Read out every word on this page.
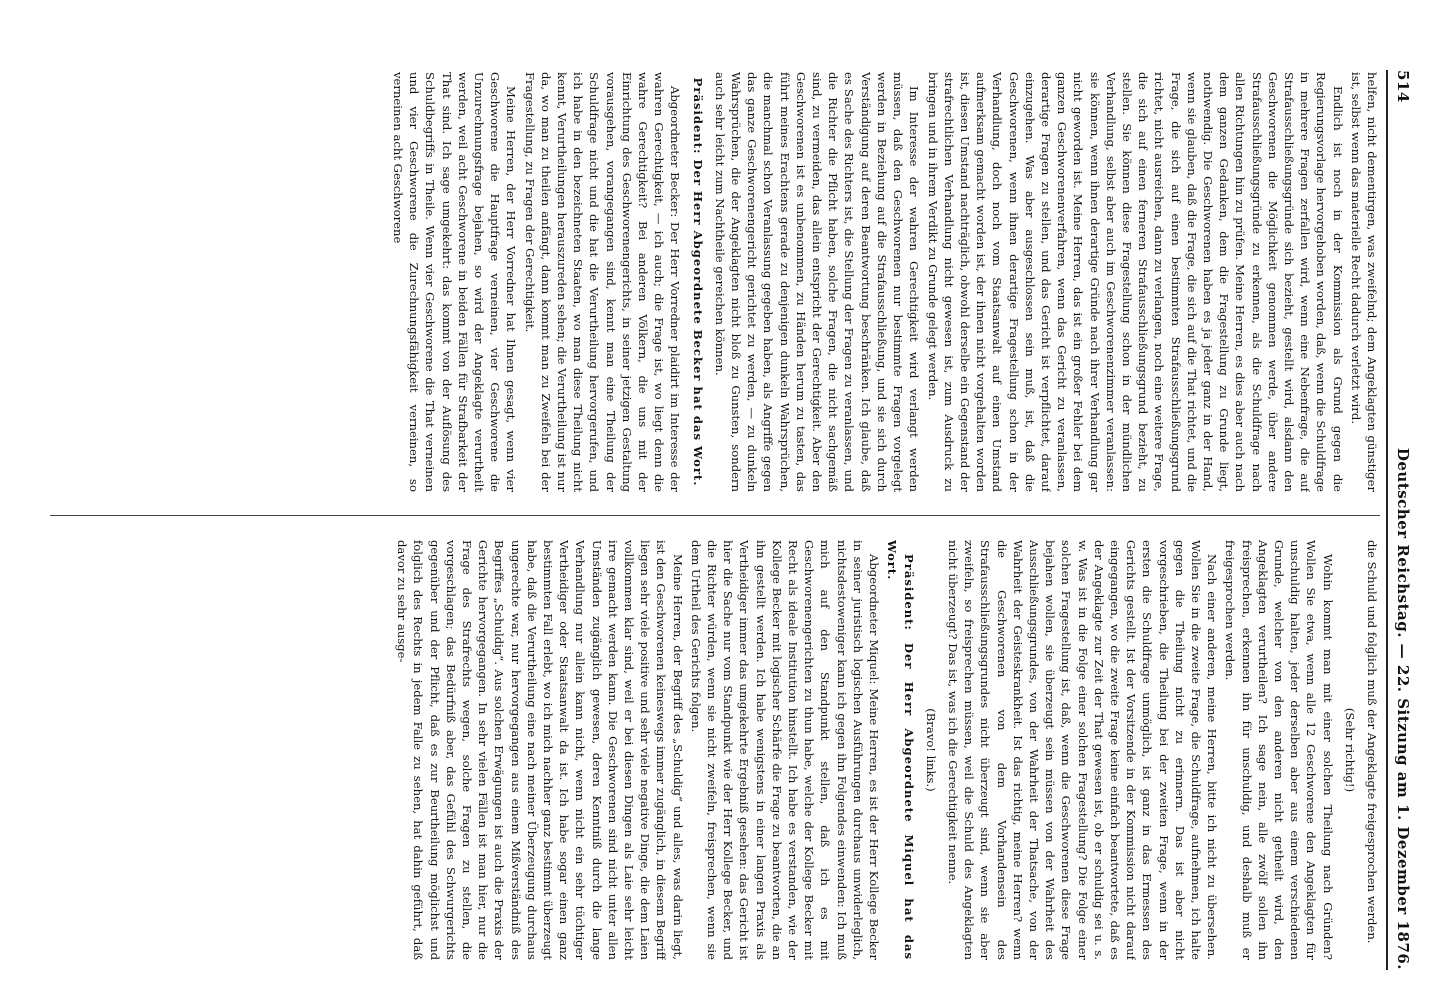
514
Deutscher Reichstag. — 22. Sitzung am 1. Dezember 1876.

helfen, nicht dementirgen, was zweifelnd; dem Angeklagten günstiger ist, selbst wenn das materielle Recht dadurch verletzt wird.

Endlich ist noch in der Kommission als Grund gegen die Regierungsvorlage hervorgehoben worden, daß, wenn die Schuldfrage in mehrere Fragen zerfallen wird, wenn eine Nebenfrage, die auf Strafausschließungsgründe sich bezieht, gestellt wird, alsdann den Geschworenen die Möglichkeit genommen werde, über andere Strafausschließungsgründe zu erkennen, als die Schuldfrage nach allen Richtungen hin zu prüfen. Meine Herren, es dies aber auch nach dem ganzen Gedanken, dem die Fragestellung zu Grunde liegt, nothwendig. Die Geschworenen haben es ja jeder ganz in der Hand, wenn sie glauben, daß die Frage, die sich auf die That richtet, und die Frage, die sich auf einen bestimmten Strafausschließungsgrund richtet, nicht ausreichen, dann zu verlangen, noch eine weitere Frage, die sich auf einen ferneren Strafausschließungsgrund bezieht, zu stellen. Sie können diese Fragestellung schon in der mündlichen Verhandlung, selbst aber auch im Geschworenenzimmer veranlassen: sie können, wenn ihnen derartige Gründe nach ihrer Verhandlung gar nicht geworden ist. Meine Herren, das ist ein großer Fehler bei dem ganzen Geschworenenverfahren, wenn das Gericht zu veranlassen, derartige Fragen zu stellen, und das Gericht ist verpflichtet, darauf einzugehen. Was aber ausgeschlossen sein muß, ist, daß die Geschworenen, wenn ihnen derartige Fragestellung schon in der Verhandlung, doch noch vom Staatsanwalt auf einen Umstand aufmerksam gemacht worden ist, der ihnen nicht vorgehalten worden ist, diesen Umstand nachträglich, obwohl derselbe ein Gegenstand der strafrechtlichen Verhandlung nicht gewesen ist, zum Ausdruck zu bringen und in ihrem Verdikt zu Grunde gelegt werden.

Im Interesse der wahren Gerechtigkeit wird verlangt werden müssen, daß den Geschworenen nur bestimmte Fragen vorgelegt werden in Beziehung auf die Strafausschließung, und sie sich durch Verständigung auf deren Beantwortung beschränken. Ich glaube, daß es Sache des Richters ist, die Stellung der Fragen zu veranlassen, und die Richter die Pflicht haben, solche Fragen, die nicht sachgemäß sind, zu vermeiden, das allein entspricht der Gerechtigkeit. Aber den Geschworenen ist es unbenommen, zu Händen herum zu tasten, das führt meines Erachtens gerade zu denjenigen dunkeln Wahrsprüchen, die manchmal schon Veranlassung gegeben haben, als Angriffe gegen das ganze Geschworenengericht gerichtet zu werden, — zu dunkeln Wahrsprüchen, die der Angeklagten nicht bloß zu Gunsten, sondern auch sehr leicht zum Nachtheile gereichen können.

Präsident: Der Herr Abgeordnete Becker hat das Wort.

Abgeordneter Becker: Der Herr Vorredner plaidirt im Interesse der wahren Gerechtigkeit, — ich auch; die Frage ist, wo liegt denn die wahre Gerechtigkeit? Bei anderen Völkern, die uns mit der Einrichtung des Geschworenengerichts, in seiner jetzigen Gestaltung vorausgehen, vorangegangen sind, kennt man eine Theilung der Schuldfrage nicht und die hat die Verurtheilung hervorgerufen, und ich habe in den bezeichneten Staaten, wo man diese Theilung nicht kennt, Verurtheilungen herauszureden sehen; die Verurtheilung ist nur da, wo man zu theilen anfängt, dann kommt man zu Zweifeln bei der Fragestellung, zu Fragen der Gerechtigkeit.

Meine Herren, der Herr Vorredner hat Ihnen gesagt, wenn vier Geschworene die Hauptfrage verneinen, vier Geschworene die Unzurechnungsfrage bejahen, so wird der Angeklagte verurtheilt werden, weil acht Geschworene in beiden Fällen für Strafbarkeit der That sind. Ich sage umgekehrt: das kommt von der Auflösung des Schuldbegriffs in Theile. Wenn vier Geschworene die That verneinen und vier Geschworene die Zurechnungsfähigkeit verneinen, so verneinen acht Geschworene

die Schuld und folglich muß der Angeklagte freigesprochen werden.

(Sehr richtig!)

Wohin kommt man mit einer solchen Theilung nach Gründen? Wollen Sie etwa, wenn alle 12 Geschworene den Angeklagten für unschuldig halten, jeder derselben aber aus einem verschiedenen Grunde, welcher von den anderen nicht getheilt wird, den Angeklagten verurtheilen? Ich sage nein, alle zwölf sollen ihn freisprechen, erkennen ihn für unschuldig, und deshalb muß er freigesprochen werden.

Nach einer anderen, meine Herren, bitte ich nicht zu übersehen. Wollen Sie in die zweite Frage, die Schuldfrage, aufnehmen, ich halte gegen die Theilung nicht zu erinnern. Das ist aber nicht vorgeschrieben, die Theilung bei der zweiten Frage, wenn in der ersten die Schuldfrage unmöglich, ist ganz in das Ermessen des Gerichts gestellt. Ist der Vorsitzende in der Kommission nicht darauf eingegangen, wo die zweite Frage keine einfach beantwortete, daß es der Angeklagte zur Zeit der That gewesen ist, ob er schuldig sei u. s. w. Was ist in die Folge einer solchen Fragestellung? Die Folge einer solchen Fragestellung ist, daß, wenn die Geschworenen diese Frage bejahen wollen, sie überzeugt sein müssen von der Wahrheit des Ausschließungsgrundes, von der Wahrheit der Thatsache, von der Wahrheit der Geisteskrankheit. Ist das richtig, meine Herren? wenn die Geschworenen von dem Vorhandensein des Strafausschließungsgrundes nicht überzeugt sind, wenn sie aber zweifeln, so freisprechen müssen, weil die Schuld des Angeklagten nicht überzeugt? Das ist, was ich die Gerechtigkeit nenne.

(Bravo! links.)

Präsident: Der Herr Abgeordnete Miquel hat das Wort.

Abgeordneter Miquel: Meine Herren, es ist der Herr Kollege Becker in seiner juristisch logischen Ausführungen durchaus unwiderleglich, nichtsdestoweniger kann ich gegen ihn Folgendes einwenden: Ich muß mich auf den Standpunkt stellen, daß ich es mit Geschworenengerichten zu thun habe, welche der Kollege Becker mit Recht als ideale Institution hinstellt. Ich habe es verstanden, wie der Kollege Becker mit logischer Schärfe die Frage zu beantworten, die an ihn gestellt werden. Ich habe wenigstens in einer langen Praxis als Vertheidiger immer das umgekehrte Ergebniß gesehen: das Gericht ist hier die Sache nur vom Standpunkt wie der Herr Kollege Becker, und die Richter würden, wenn sie nicht zweifeln, freisprechen, wenn sie dem Urtheil des Gerichts folgen.

Meine Herren, der Begriff des „Schuldig“ und alles, was darin liegt, ist den Geschworenen keineswegs immer zugänglich, in diesem Begriff liegen sehr viele positive und sehr viele negative Dinge, die dem Laien vollkommen klar sind, weil er bei diesen Dingen als Laie sehr leicht irre gemacht werden kann. Die Geschworenen sind nicht unter allen Umständen zugänglich gewesen, deren Kenntniß durch die lange Verhandlung nur allein kann nicht, wenn nicht ein sehr tüchtiger Vertheidiger oder Staatsanwalt da ist. Ich habe sogar einen ganz bestimmten Fall erlebt, wo ich mich nachher ganz bestimmt überzeugt habe, daß die Verurtheilung eine nach meiner Überzeugung durchaus ungerechte war, nur hervorgegangen aus einem Mißverständniß des Begriffes „Schuldig“. Aus solchen Erwägungen ist auch die Praxis der Gerichte hervorgegangen. In sehr vielen Fällen ist man hier, nur die Frage des Strafrechts wegen, solche Fragen zu stellen, die vorgeschlagen; das Bedürfniß aber, das Gefühl des Schwurgerichts gegenüber und der Pflicht, daß es zur Beurtheilung möglichst und folglich des Rechts in jedem Falle zu sehen, hat dahin geführt, daß davor zu sehr ausge-
